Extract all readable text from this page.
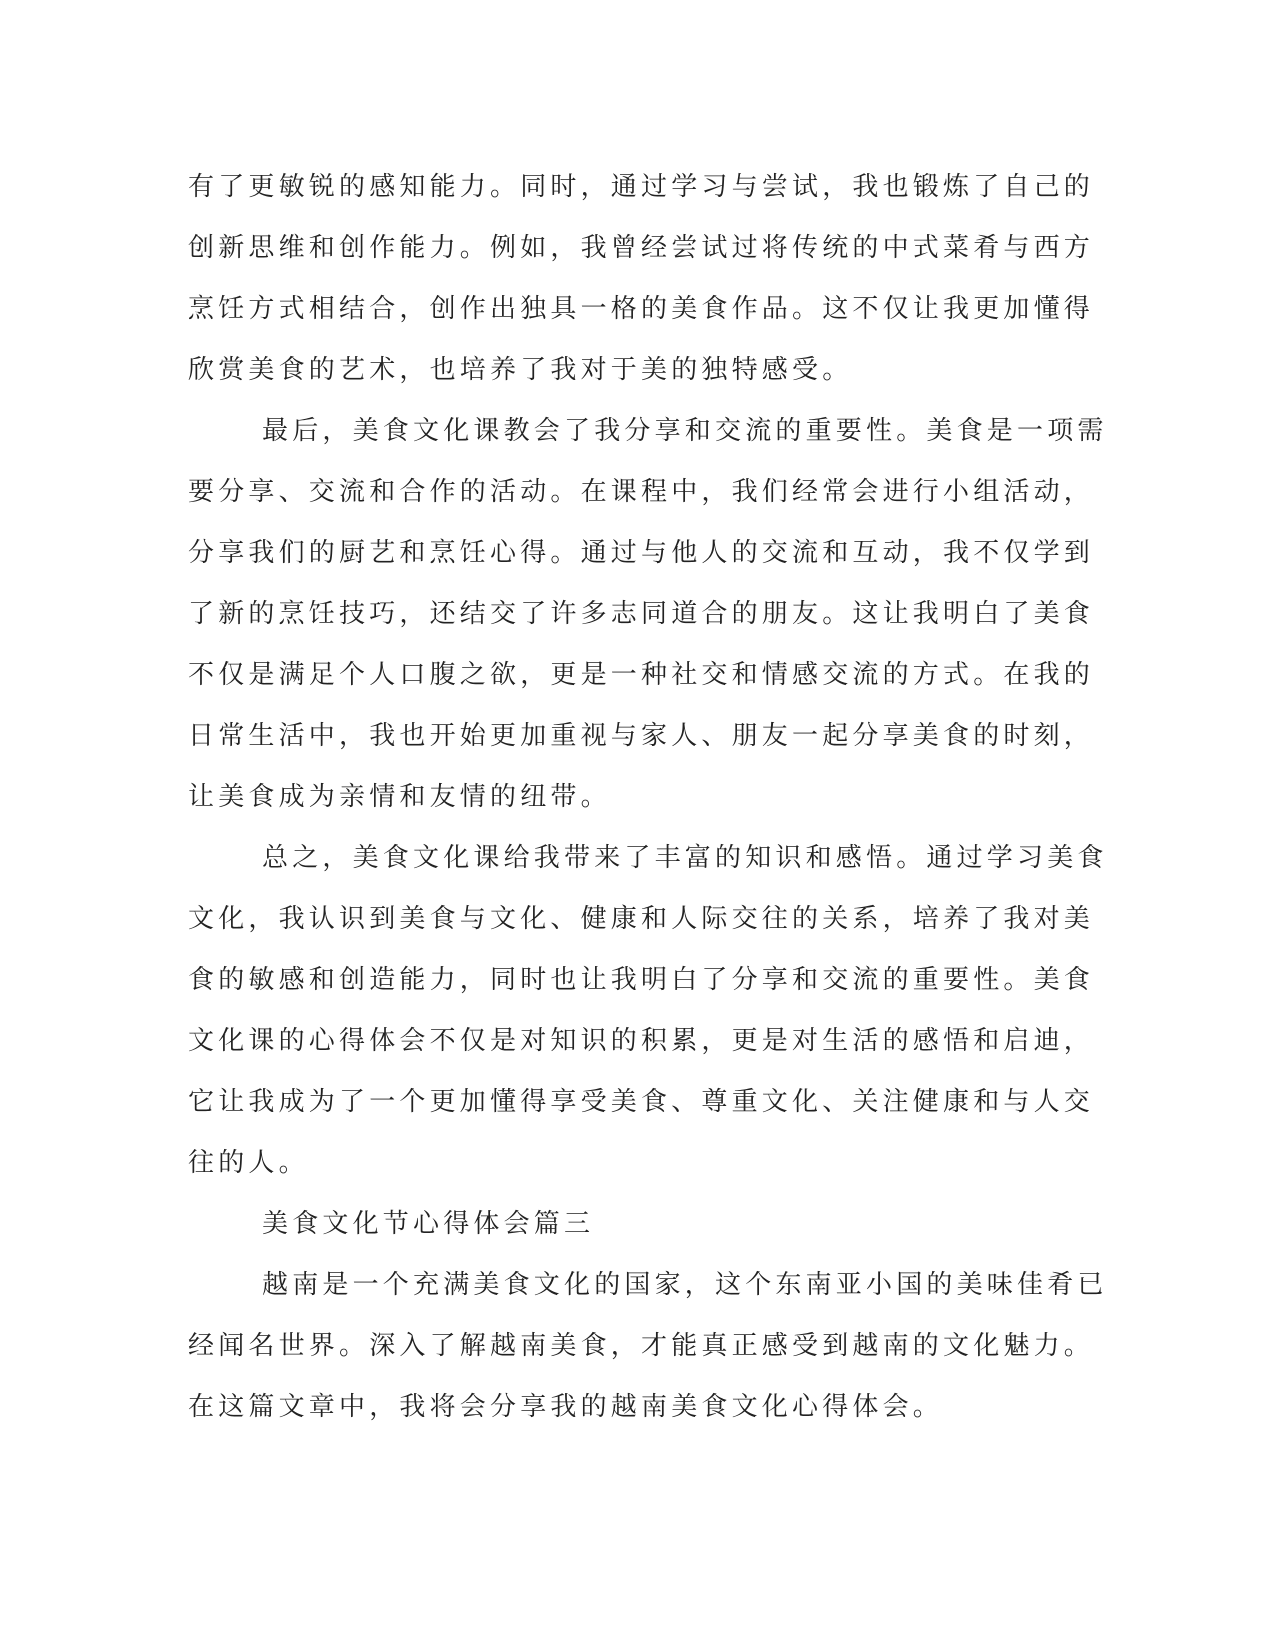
有了更敏锐的感知能力。同时，通过学习与尝试，我也锻炼了自己的
创新思维和创作能力。例如，我曾经尝试过将传统的中式菜肴与西方
烹饪方式相结合，创作出独具一格的美食作品。这不仅让我更加懂得
欣赏美食的艺术，也培养了我对于美的独特感受。

最后，美食文化课教会了我分享和交流的重要性。美食是一项需
要分享、交流和合作的活动。在课程中，我们经常会进行小组活动，
分享我们的厨艺和烹饪心得。通过与他人的交流和互动，我不仅学到
了新的烹饪技巧，还结交了许多志同道合的朋友。这让我明白了美食
不仅是满足个人口腹之欲，更是一种社交和情感交流的方式。在我的
日常生活中，我也开始更加重视与家人、朋友一起分享美食的时刻，
让美食成为亲情和友情的纽带。

总之，美食文化课给我带来了丰富的知识和感悟。通过学习美食
文化，我认识到美食与文化、健康和人际交往的关系，培养了我对美
食的敏感和创造能力，同时也让我明白了分享和交流的重要性。美食
文化课的心得体会不仅是对知识的积累，更是对生活的感悟和启迪，
它让我成为了一个更加懂得享受美食、尊重文化、关注健康和与人交
往的人。

美食文化节心得体会篇三

越南是一个充满美食文化的国家，这个东南亚小国的美味佳肴已
经闻名世界。深入了解越南美食，才能真正感受到越南的文化魅力。
在这篇文章中，我将会分享我的越南美食文化心得体会。
